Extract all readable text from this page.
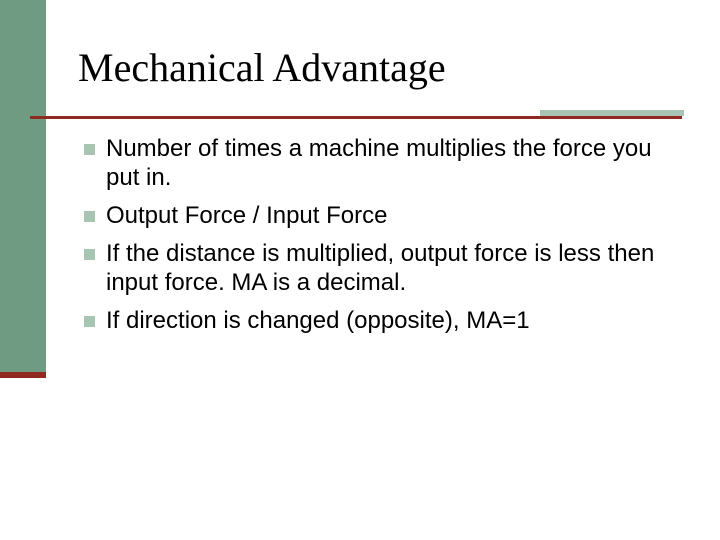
Mechanical Advantage
Number of times a machine multiplies the force you put in.
Output Force / Input Force
If the distance is multiplied, output force is less then input force. MA is a decimal.
If direction is changed (opposite), MA=1
